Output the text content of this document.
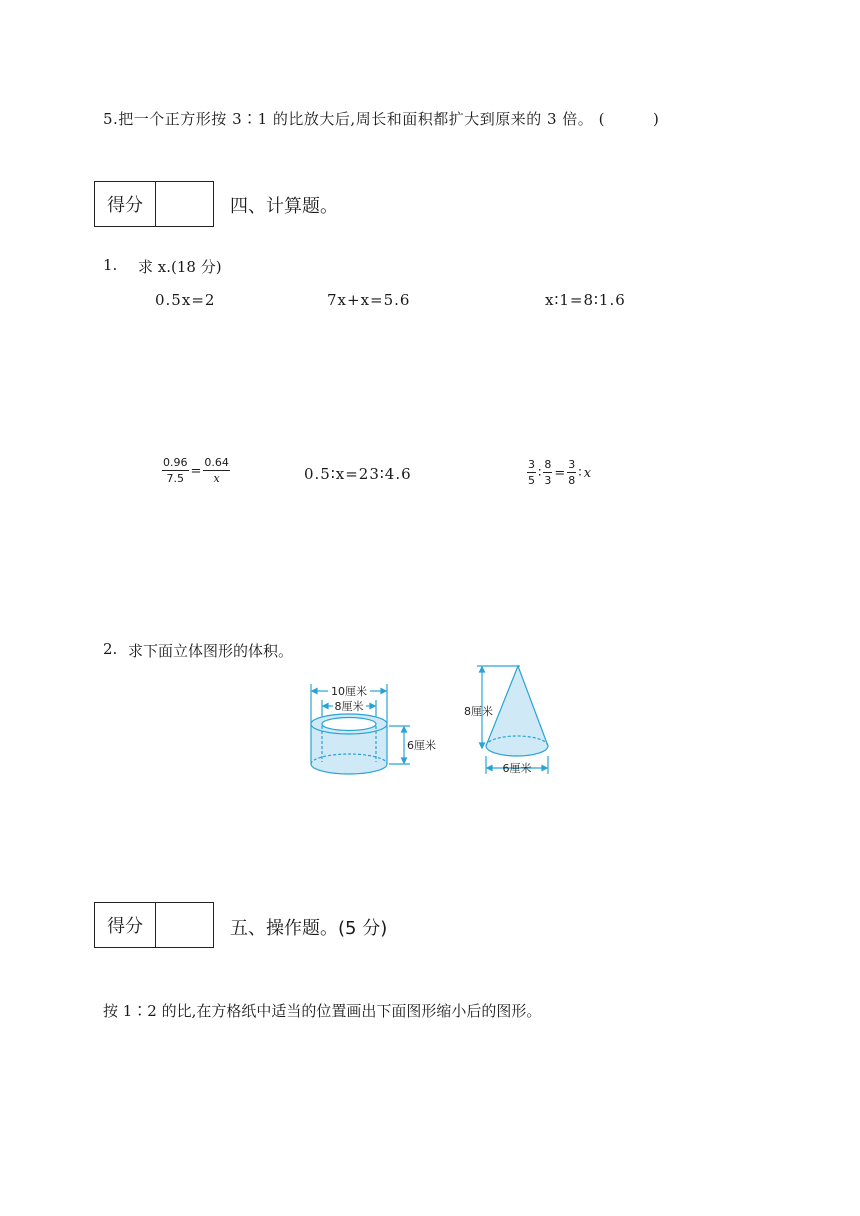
5.把一个正方形按 3∶1 的比放大后,周长和面积都扩大到原来的 3 倍。 (	)
得分	四、计算题。
1. 求 x.(18 分)
0.5x=2	7x+x=5.6	x∶1=8∶1.6
$\frac{0.96}{7.5} = \frac{0.64}{x}$	0.5∶x=23∶4.6	$\frac{3}{5}$ ∶ $\frac{8}{3} = \frac{3}{8}$ ∶ x
2. 求下面立体图形的体积。
10厘米
8厘米
6厘米
8厘米
6厘米
得分	五、操作题。(5 分)
按 1∶2 的比,在方格纸中适当的位置画出下面图形缩小后的图形。
